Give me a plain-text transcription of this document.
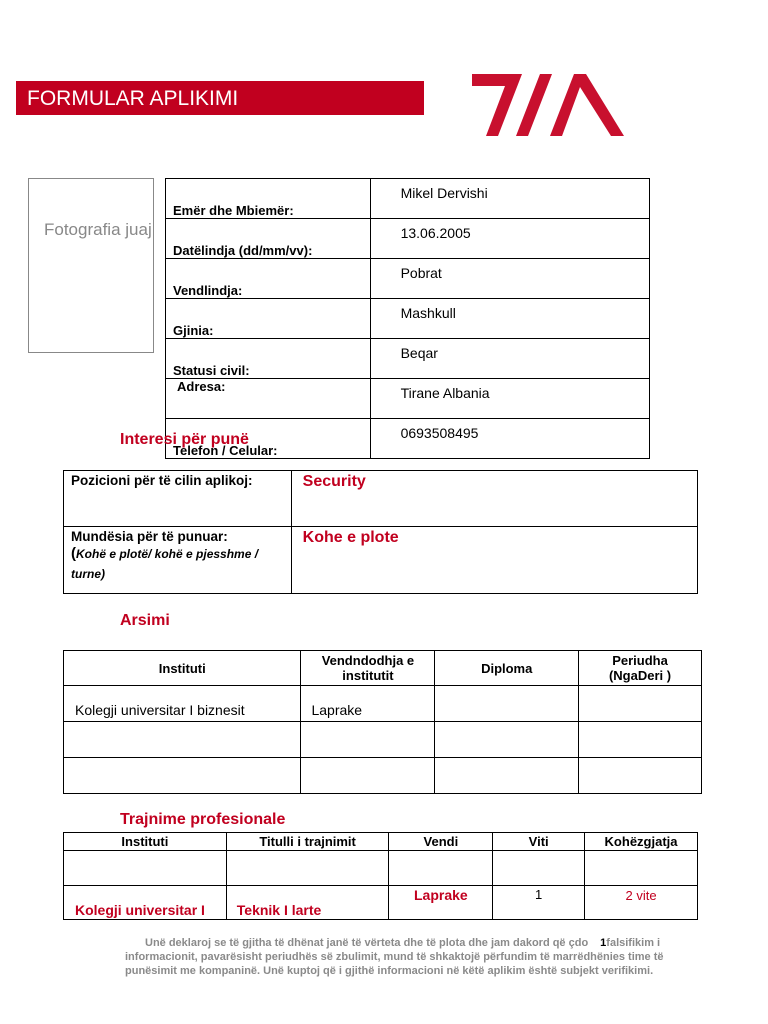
FORMULAR APLIKIMI
Fotografia juaj
Emër dhe Mbiemër:	Mikel Dervishi
Datëlindja (dd/mm/vv):	13.06.2005
Vendlindja:	Pobrat
Gjinia:	Mashkull
Statusi civil:	Beqar
Adresa:	Tirane Albania
Telefon / Celular:	0693508495
Interesi për punë
Pozicioni për të cilin aplikoj:	Security

Mundësia për të punuar:
(Kohë e plotë/ kohë e pjesshme / turne)	Kohe e plote
Arsimi
Instituti	Vendndodhja e institutit	Diploma	Periudha (NgaDeri )
Kolegji universitar I biznesit	Laprake		

Trajnime profesionale
Instituti	Titulli i trajnimit	Vendi	Viti	Kohëzgjatja

Kolegji universitar I	Teknik I larte	Laprake	1	2 vite
Unë deklaroj se të gjitha të dhënat janë të vërteta dhe të plota dhe jam dakord që çdo 1falsifikim i informacionit, pavarësisht periudhës së zbulimit, mund të shkaktojë përfundim të marrëdhënies time të punësimit me kompaninë. Unë kuptoj që i gjithë informacioni në këtë aplikim është subjekt verifikimi.
